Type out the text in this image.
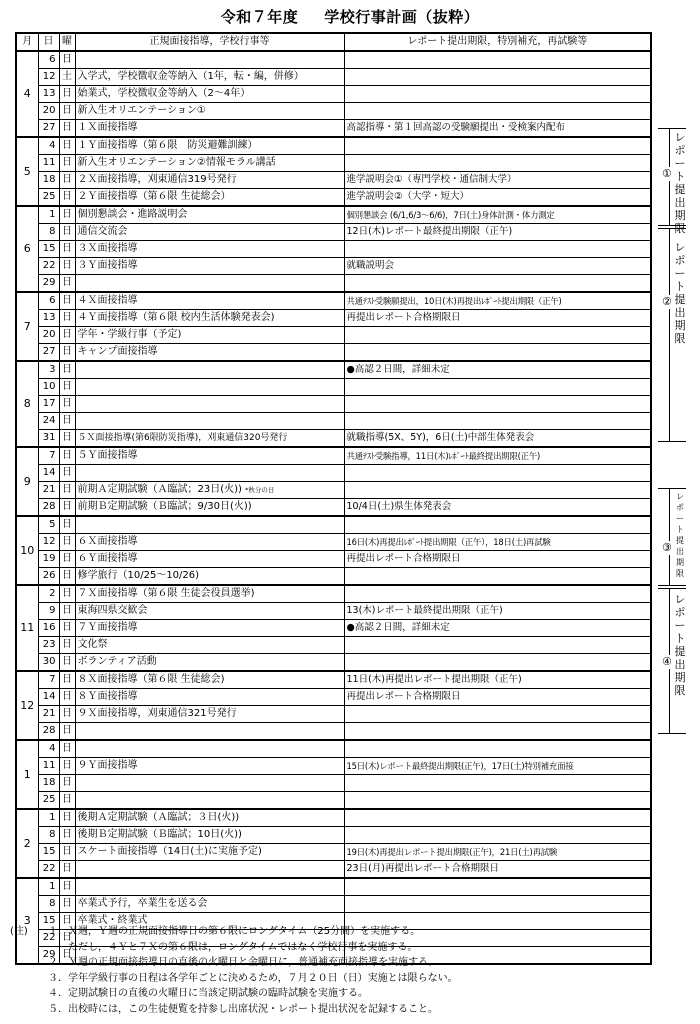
令和７年度 学校行事計画（抜粋）
月	日	曜	正規面接指導，学校行事等	レポート提出期限，特別補充，再試験等
4	6	日		
	12	土	入学式，学校徴収金等納入（1年，転・編，併修）	
	13	日	始業式，学校徴収金等納入（2～4年）	
	20	日	新入生オリエンテーション①	
	27	日	１Ｘ面接指導	高認指導・第１回高認の受験願提出・受検案内配布
5	4	日	１Ｙ面接指導（第６限　防災避難訓練）	
	11	日	新入生オリエンテーション②情報モラル講話	
	18	日	２Ｘ面接指導，刈東通信319号発行	進学説明会①（専門学校・通信制大学）
	25	日	２Ｙ面接指導（第６限 生徒総会）	進学説明会②（大学・短大）
6	1	日	個別懇談会・進路説明会	個別懇談会 (6/1,6/3～6/6)，7日(土)身体計測・体力測定
	8	日	通信交流会	12日(木)レポート最終提出期限（正午)
	15	日	３Ｘ面接指導	
	22	日	３Ｙ面接指導	就職説明会
	29	日		
7	6	日	４Ｘ面接指導	共通ﾃｽﾄ受験願提出，10日(木)再提出ﾚﾎﾟｰﾄ提出期限（正午)
	13	日	４Ｙ面接指導（第６限 校内生活体験発表会)	再提出レポート合格期限日
	20	日	学年・学級行事（予定)	
	27	日	キャンプ面接指導	
8	3	日		●高認２日間，詳細未定
	10	日		
	17	日		
	24	日		
	31	日	５Ｘ面接指導(第6限防災指導)，刈東通信320号発行	就職指導(5X、5Y)，6日(土)中部生体発表会
9	7	日	５Ｙ面接指導	共通ﾃｽﾄ受験指導，11日(木)ﾚﾎﾟｰﾄ最終提出期限(正午)
	14	日		
	21	日	前期Ａ定期試験（Ａ臨試；23日(火)) *秋分の日	
	28	日	前期Ｂ定期試験（Ｂ臨試；9/30日(火))	10/4日(土)県生体発表会
10	5	日		
	12	日	６Ｘ面接指導	16日(木)再提出ﾚﾎﾟｰﾄ提出期限（正午），18日(土)再試験
	19	日	６Ｙ面接指導	再提出レポート合格期限日
	26	日	修学旅行（10/25～10/26)	
11	2	日	７Ｘ面接指導（第６限 生徒会役員選挙)	
	9	日	東海四県交歓会	13(木)レポート最終提出期限（正午)
	16	日	７Ｙ面接指導	●高認２日間，詳細未定
	23	日	文化祭	
	30	日	ボランティア活動	
12	7	日	８Ｘ面接指導（第６限 生徒総会)	11日(木)再提出レポート提出期限（正午)
	14	日	８Ｙ面接指導	再提出レポート合格期限日
	21	日	９Ｘ面接指導，刈東通信321号発行	
	28	日		
1	4	日		
	11	日	９Ｙ面接指導	15日(木)レポート最終提出期限(正午)，17日(土)特別補充面接
	18	日		
	25	日		
2	1	日	後期Ａ定期試験（Ａ臨試；３日(火))	
	8	日	後期Ｂ定期試験（Ｂ臨試；10日(火))	
	15	日	スケート面接指導（14日(土)に実施予定)	19日(木)再提出レポート提出期限(正午)，21日(土)再試験
	22	日		23日(月)再提出レポート合格期限日
3	1	日		
	8	日	卒業式予行，卒業生を送る会	
	15	日	卒業式・終業式	
	22	日		
	29	日		
①
レポート提出期限
②
レポート提出期限
③
レポート提出期限
④
レポート提出期限
(注) １． Ｘ週，Ｙ週の正規面接指導日の第６限にロングタイム（25分間）を実施する。
ただし，４Ｙと７Ｘの第６限は，ロングタイムではなく学校行事を実施する。
２． Ｙ週の正規面接指導日の直後の火曜日と金曜日に，普通補充面接指導を実施する。
３． 学年学級行事の日程は各学年ごとに決めるため，７月２０日（日）実施とは限らない。
４． 定期試験日の直後の火曜日に当該定期試験の臨時試験を実施する。
５． 出校時には，この生徒便覧を持参し出席状況・レポート提出状況を記録すること。
